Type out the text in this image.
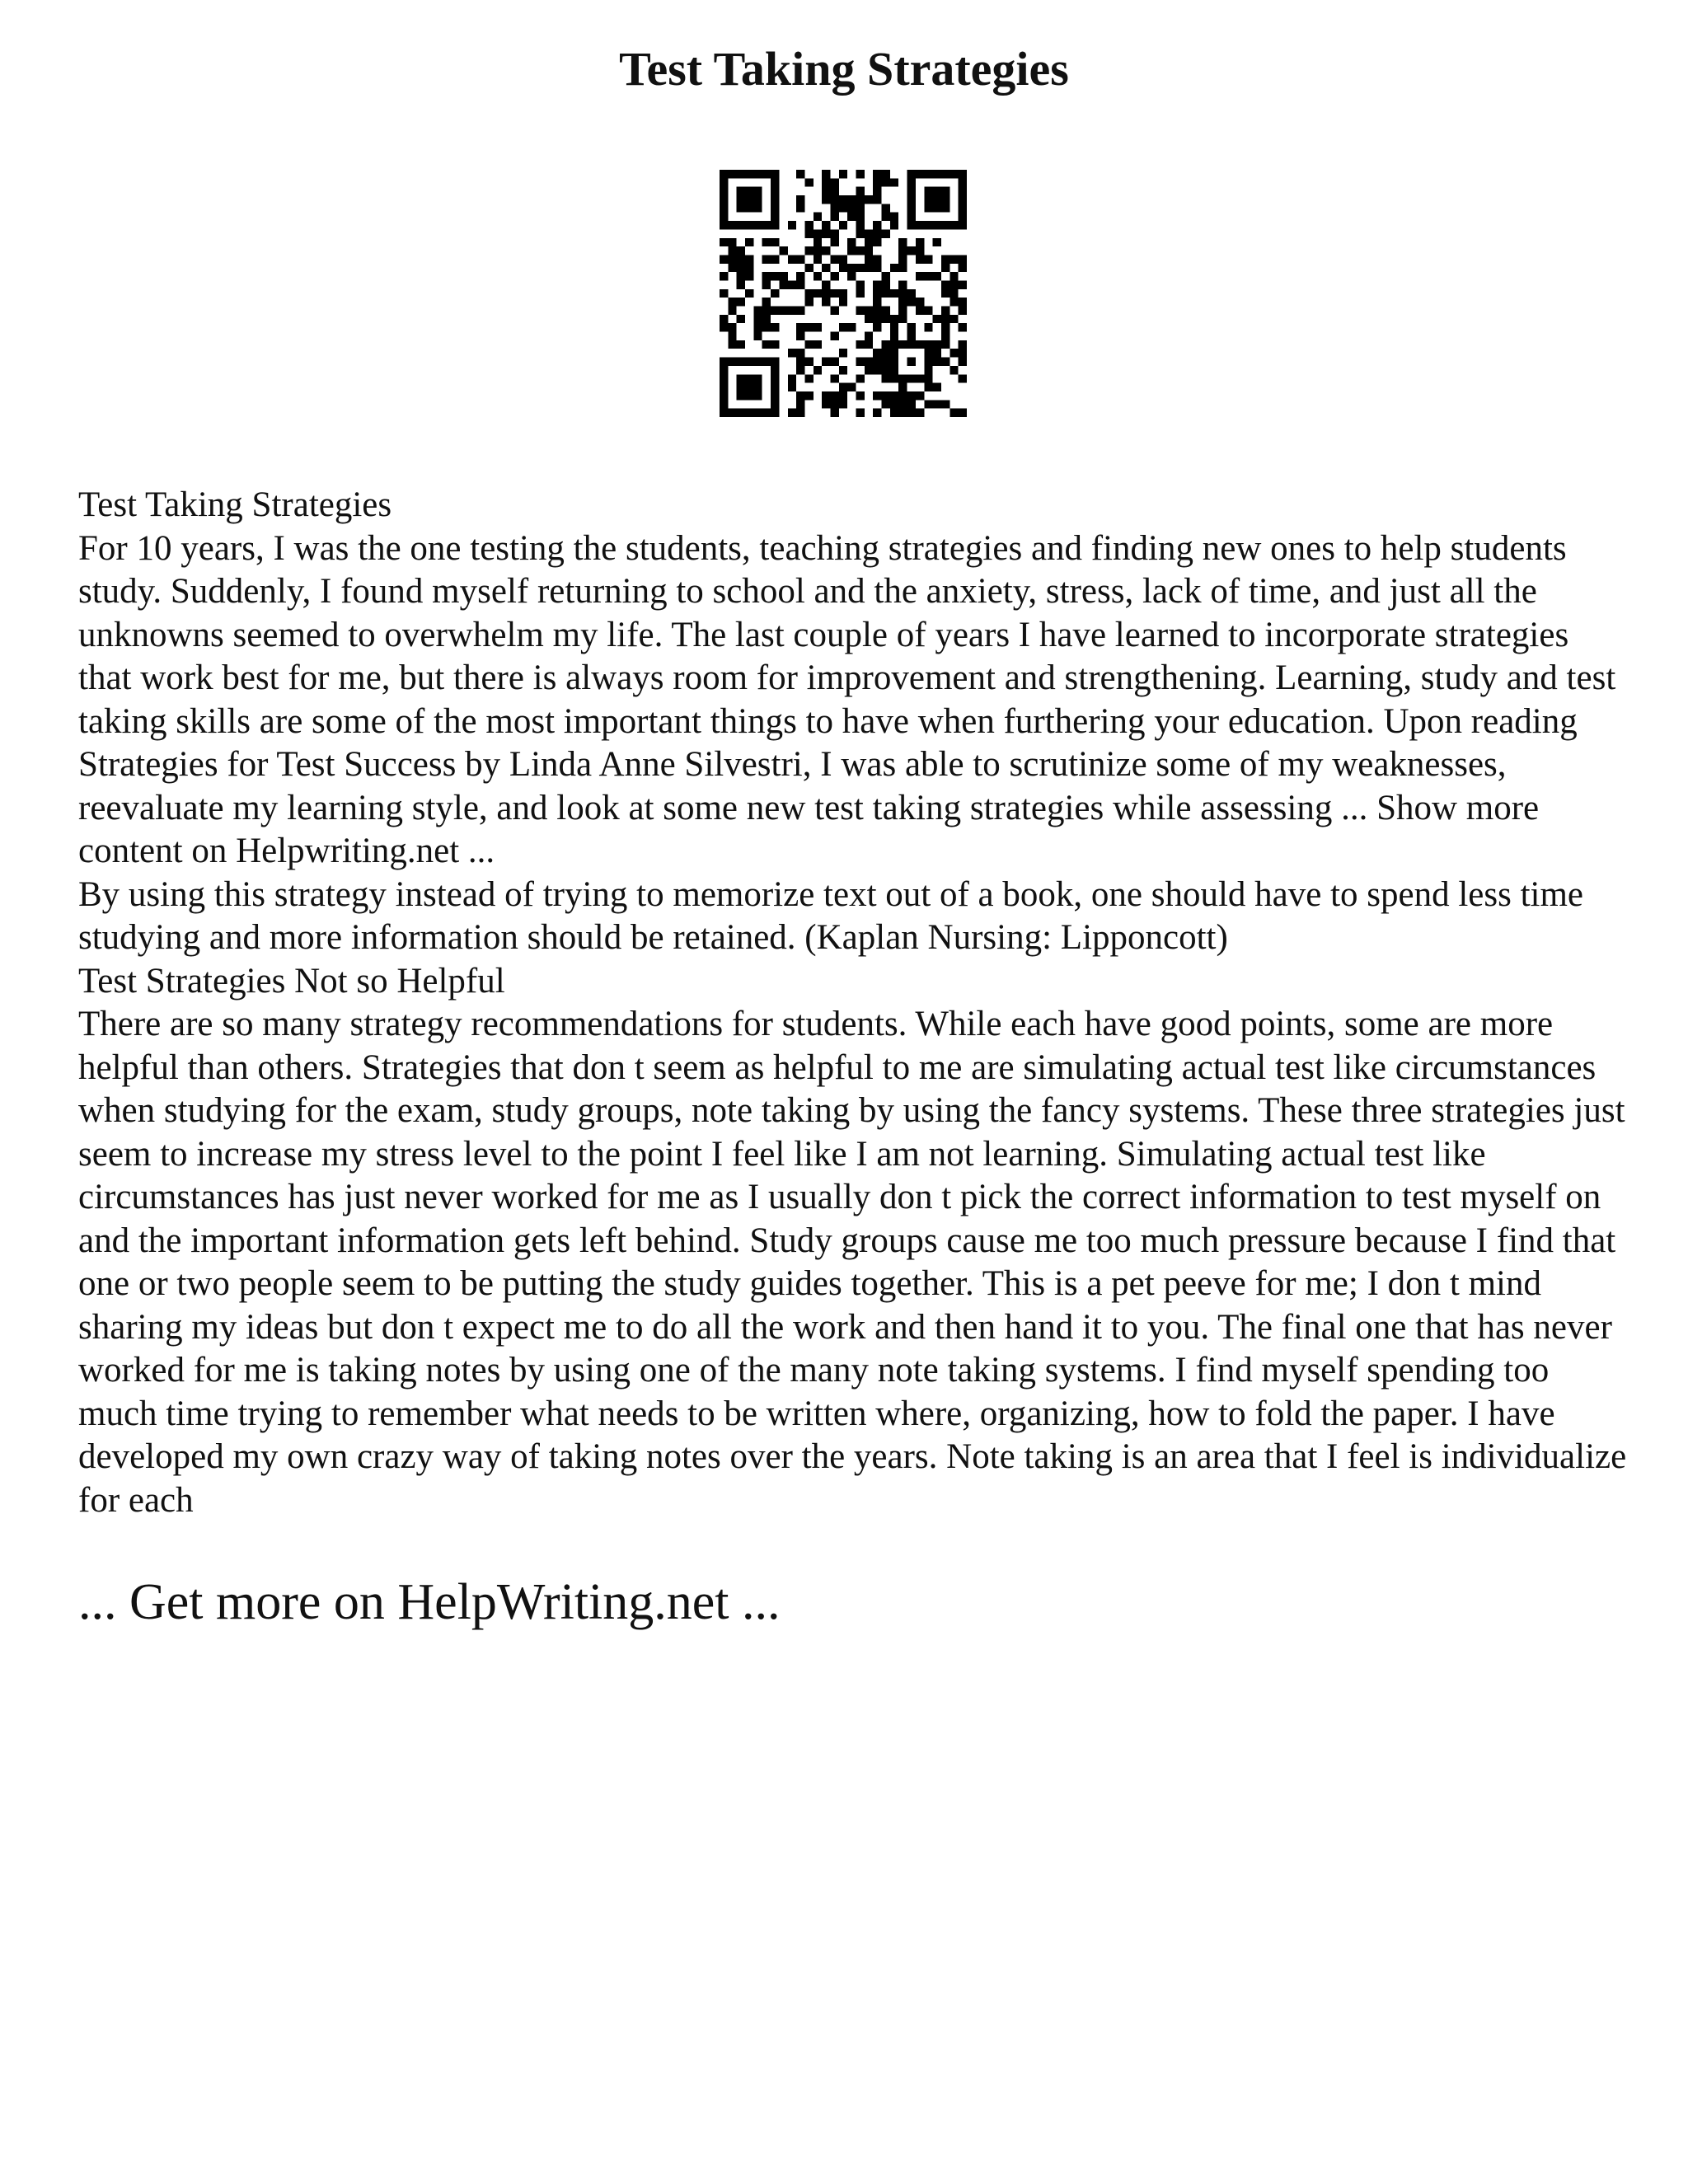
Test Taking Strategies

Test Taking Strategies

For 10 years, I was the one testing the students, teaching strategies and finding new ones to help students study. Suddenly, I found myself returning to school and the anxiety, stress, lack of time, and just all the unknowns seemed to overwhelm my life. The last couple of years I have learned to incorporate strategies that work best for me, but there is always room for improvement and strengthening. Learning, study and test taking skills are some of the most important things to have when furthering your education. Upon reading Strategies for Test Success by Linda Anne Silvestri, I was able to scrutinize some of my weaknesses, reevaluate my learning style, and look at some new test taking strategies while assessing ... Show more content on Helpwriting.net ...

By using this strategy instead of trying to memorize text out of a book, one should have to spend less time studying and more information should be retained. (Kaplan Nursing: Lipponcott)

Test Strategies Not so Helpful

There are so many strategy recommendations for students. While each have good points, some are more helpful than others. Strategies that don t seem as helpful to me are simulating actual test like circumstances when studying for the exam, study groups, note taking by using the fancy systems. These three strategies just seem to increase my stress level to the point I feel like I am not learning. Simulating actual test like circumstances has just never worked for me as I usually don t pick the correct information to test myself on and the important information gets left behind. Study groups cause me too much pressure because I find that one or two people seem to be putting the study guides together. This is a pet peeve for me; I don t mind sharing my ideas but don t expect me to do all the work and then hand it to you. The final one that has never worked for me is taking notes by using one of the many note taking systems. I find myself spending too much time trying to remember what needs to be written where, organizing, how to fold the paper. I have developed my own crazy way of taking notes over the years. Note taking is an area that I feel is individualize for each

... Get more on HelpWriting.net ...
